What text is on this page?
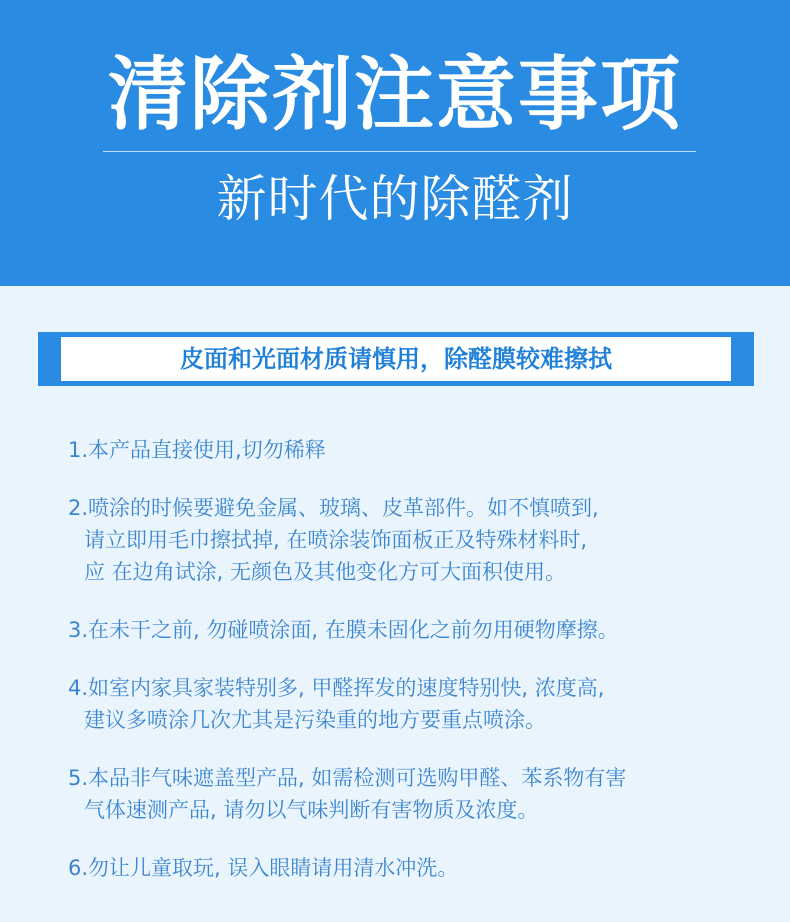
清除剂注意事项
新时代的除醛剂
皮面和光面材质请慎用，除醛膜较难擦拭
1.本产品直接使用,切勿稀释
2.喷涂的时候要避免金属、玻璃、皮革部件。如不慎喷到,
请立即用毛巾擦拭掉, 在喷涂装饰面板正及特殊材料时,
应 在边角试涂, 无颜色及其他变化方可大面积使用。
3.在未干之前, 勿碰喷涂面, 在膜未固化之前勿用硬物摩擦。
4.如室内家具家装特别多, 甲醛挥发的速度特别快, 浓度高,
建议多喷涂几次尤其是污染重的地方要重点喷涂。
5.本品非气味遮盖型产品, 如需检测可选购甲醛、苯系物有害
气体速测产品, 请勿以气味判断有害物质及浓度。
6.勿让儿童取玩, 误入眼睛请用清水冲洗。
